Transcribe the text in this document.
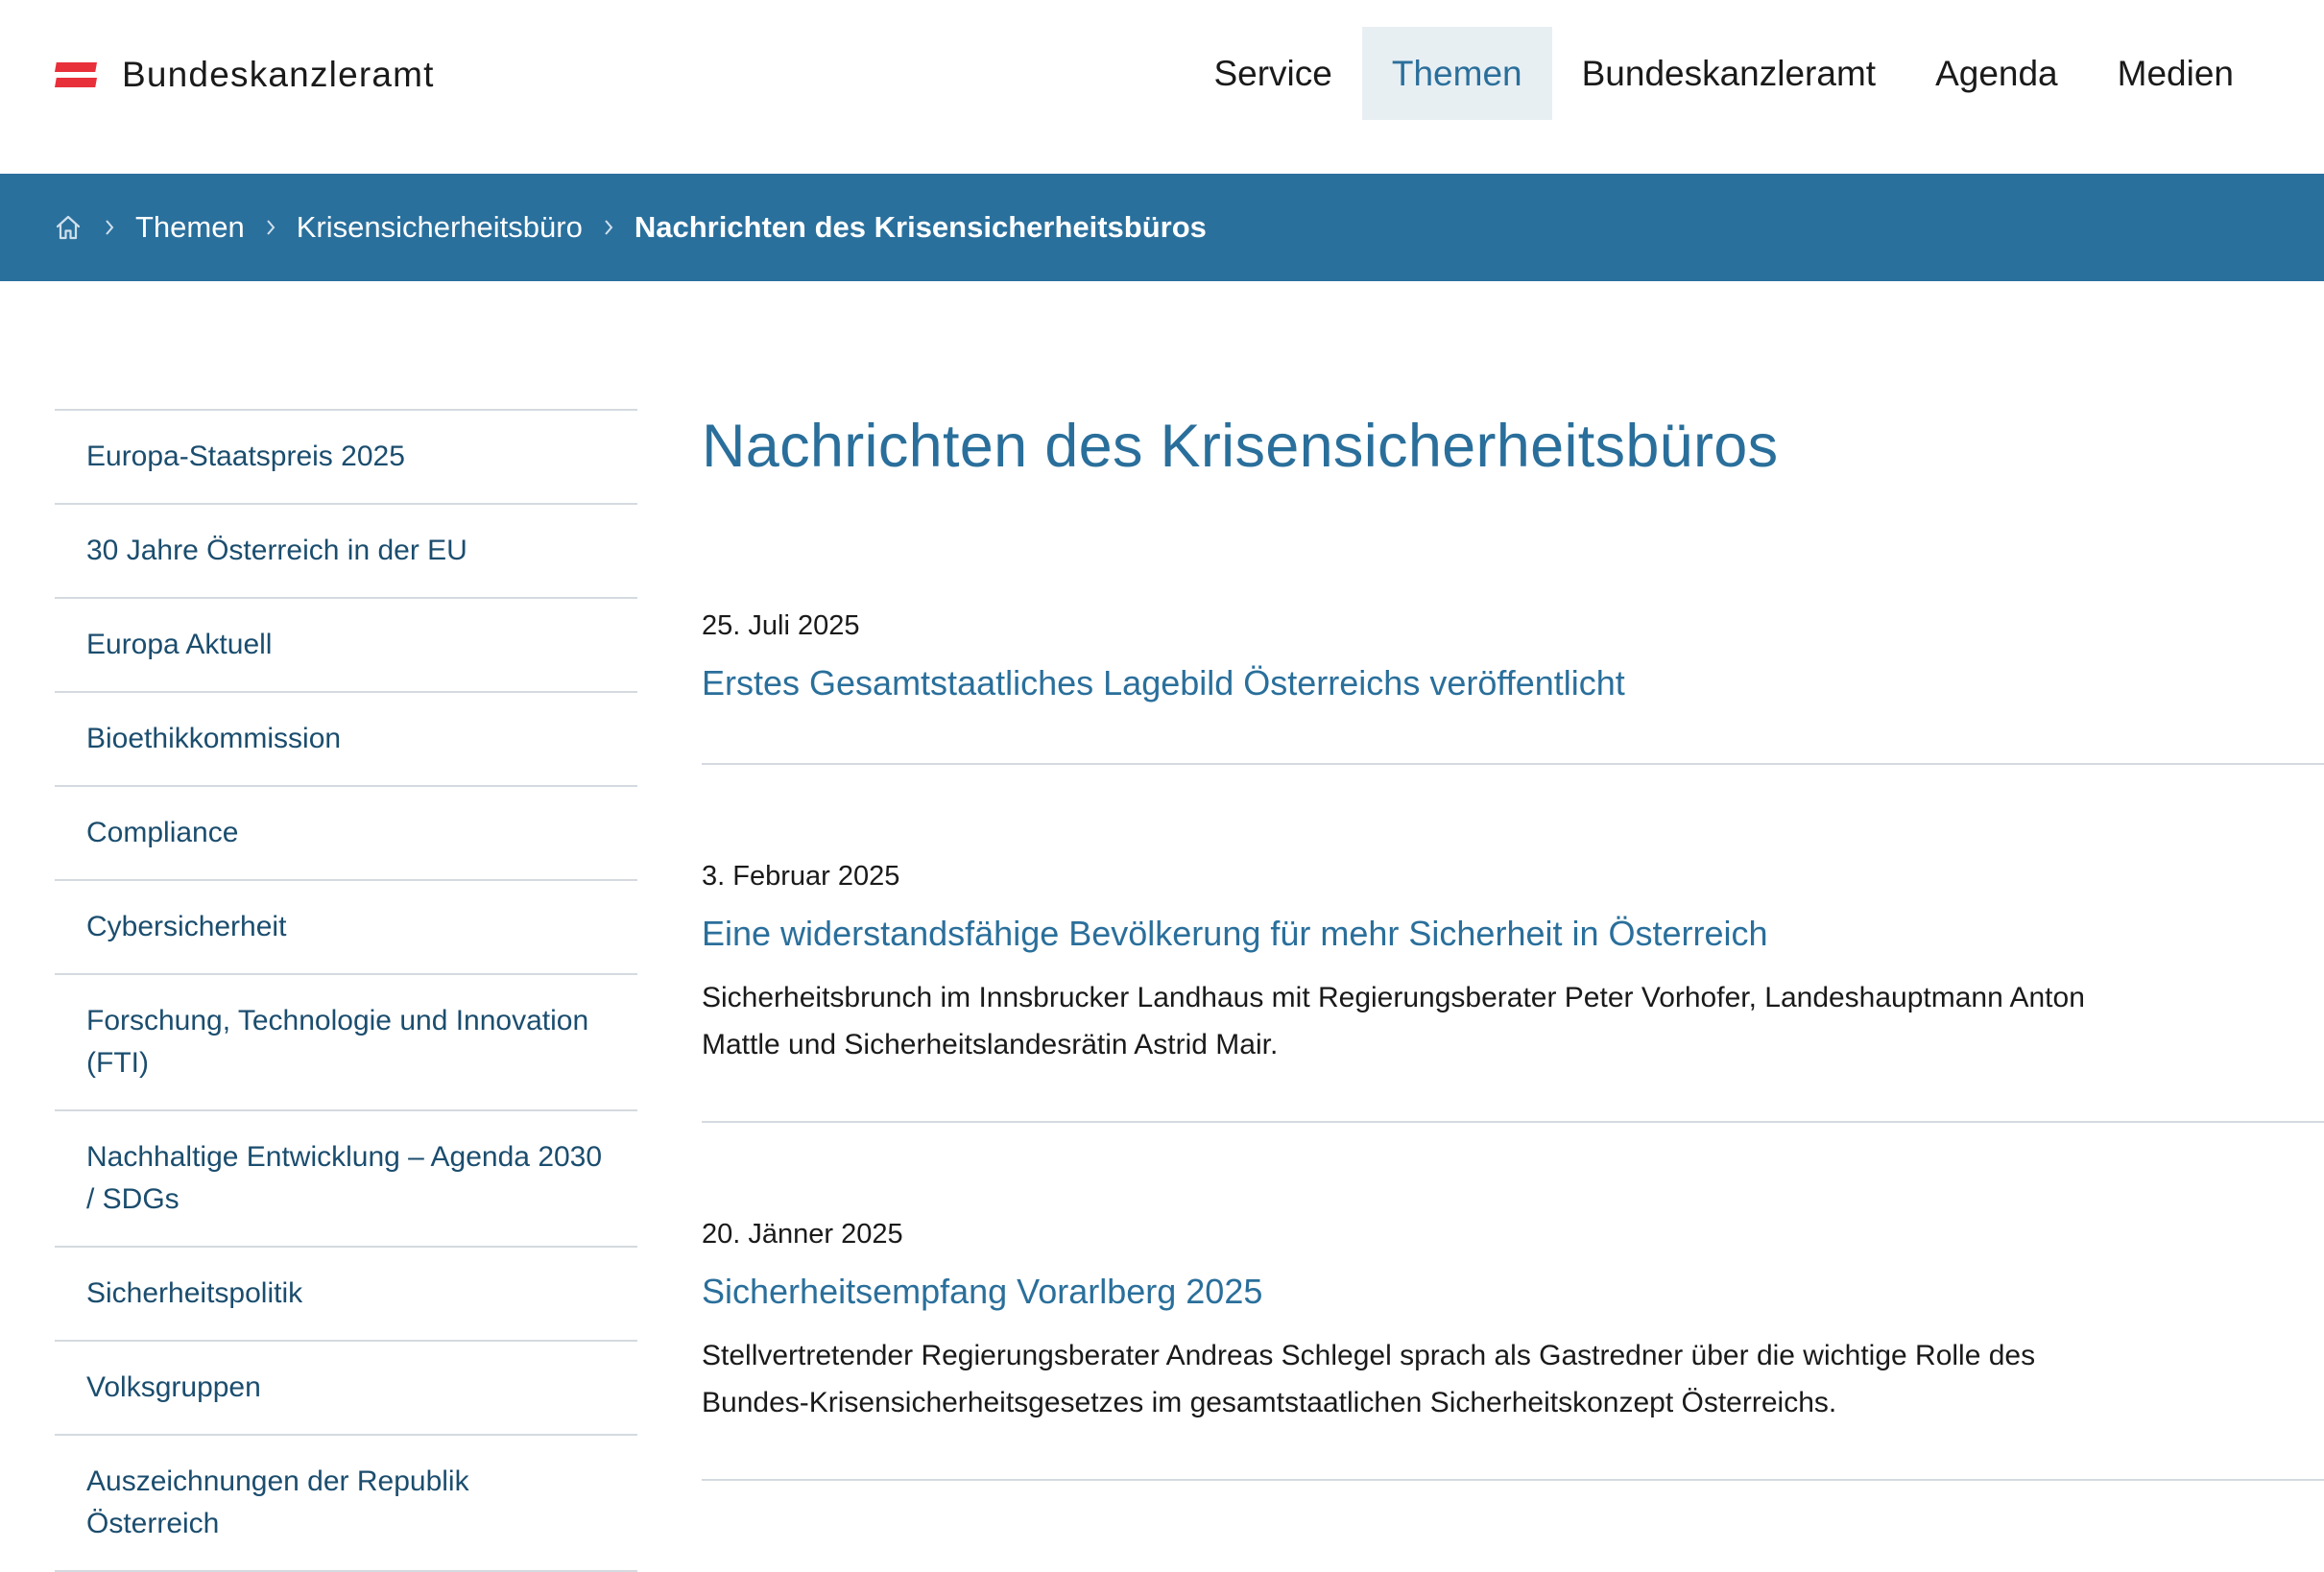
Bundeskanzleramt	Service	Themen	Bundeskanzleramt	Agenda	Medien
Themen Krisensicherheitsbüro Nachrichten des Krisensicherheitsbüros
Europa-Staatspreis 2025
30 Jahre Österreich in der EU
Europa Aktuell
Bioethikkommission
Compliance
Cybersicherheit
Forschung, Technologie und Innovation (FTI)
Nachhaltige Entwicklung – Agenda 2030 / SDGs
Sicherheitspolitik
Volksgruppen
Auszeichnungen der Republik Österreich
Nachrichten des Krisensicherheitsbüros
25. Juli 2025
Erstes Gesamtstaatliches Lagebild Österreichs veröffentlicht
3. Februar 2025
Eine widerstandsfähige Bevölkerung für mehr Sicherheit in Österreich
Sicherheitsbrunch im Innsbrucker Landhaus mit Regierungsberater Peter Vorhofer, Landeshauptmann Anton Mattle und Sicherheitslandesrätin Astrid Mair.
20. Jänner 2025
Sicherheitsempfang Vorarlberg 2025
Stellvertretender Regierungsberater Andreas Schlegel sprach als Gastredner über die wichtige Rolle des Bundes-Krisensicherheitsgesetzes im gesamtstaatlichen Sicherheitskonzept Österreichs.
